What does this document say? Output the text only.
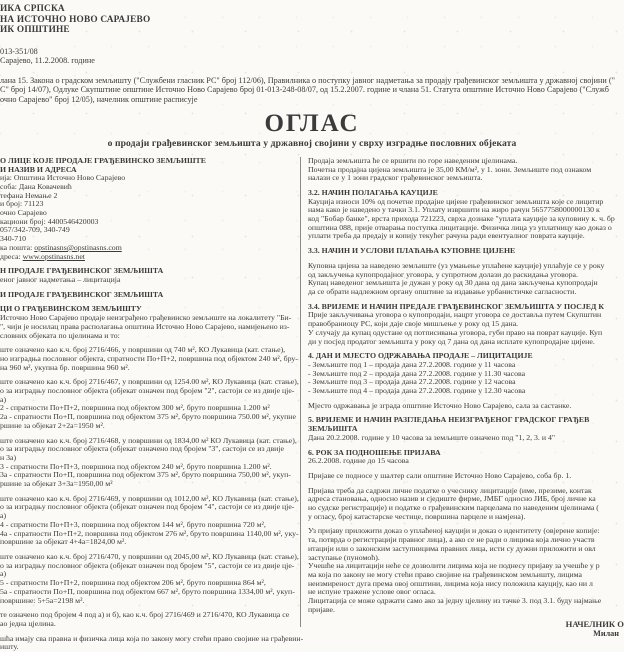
ИКА СРПСКА
НА ИСТОЧНО НОВО САРАЈЕВО
ИК ОПШТИНЕ
013-351/08
Сарајево, 11.2.2008. године
лана 15. Закона о градском земљишту ("Службени гласник РС" број 112/06), Правилника о поступку јавног надметања за продају грађевинског земљишта у државној својини ("
С" број 14/07), Одлуке Скупштине општине Источно Ново Сарајево број 01-013-248-08/07, од 15.2.2007. године и члана 51. Статута општине Источно Ново Сарајево ("Служб
очно Сарајево" број 12/05), начелник општине расписује
ОГЛАС
о продаји грађевинског земљишта у државној својини у сврху изградње пословних објеката
О ЛИЦЕ КОЈЕ ПРОДАЈЕ ГРАЂЕВИНСКО ЗЕМЉИШТЕ
И НАЗИВ И АДРЕСА
ија: Општина Источно Ново Сарајево
соба: Дана Ковачевић
тефана Немање 2
и број: 71123
очно Сарајево
кациони број: 4400546420003
057/342-709, 340-749
340-710
ка пошта: opstinasns@opstinasns.com
дреса: www.opstinasns.net
Н ПРОДАЈЕ ГРАЂЕВИНСКОГ ЗЕМЉИШТА
еног јавног надметања – лицитација
И ПРОДАЈЕ ГРАЂЕВИНСКОГ ЗЕМЉИШТА
ЦИ О ГРАЂЕВИНСКОМ ЗЕМЉИШТУ
Источно Ново Сарајево продаје неизграђено грађевинско земљиште на локалитету "Би-
", чији је носилац права располагања општина Источно Ново Сарајево, намијењено из-
словних објеката по цјелинама и то:
ште означено као к.ч. број 2716/466, у површини од 740 м², КО Лукавица (кат. стање),
но изградња пословног објекта, спратности По+П+2, површина под објектом 240 м², бру-
на 960 м², укупна бр. површина 960 м².
ште означено као к.ч. број 2716/467, у површини од 1254.00 м², КО Лукавица (кат. стање),
о за изградњу пословног објекта (објекат означен под бројем "2", састоји се из двије цје-
а)
2 - спратности По+П+2, површина под објектом 300 м², бруто површина 1.200 м²
2а - спратности По+П, површина под објектом 375 м², бруто површина 750.00 м², укупне
ршине за објекат 2+2а=1950 м².
ште означено као к.ч. број 2716/468, у површини од 1834,00 м² КО Лукавица (кат. стање),
о за изградњу пословног објекта (објекат означено под бројем "3", састоји се из двије
н 3а)
3 - спратности По+П+3, површина под објектом 240 м², бруто површина 1.200 м².
3а - спратности По+П, површина под објектом 375 м², бруто површина 750,00 м², укуп-
ршине за објекат 3+3а=1950,00 м²
ште означено као к.ч. број 2716/469, у површини од 1012,00 м², КО Лукавица (кат. стање),
о за изградњу пословног објекта (објекат означен под бројем "4", састоји се из двије цје-
а)
4 - спратности По+П+3, површина под објектом 144 м², бруто површина 720 м²,
4а - спратности По+П+2, површина под објектом 276 м², бруто површина 1140,00 м², уку-
површине за објекат 4+4а=1824,00 м².
ште означено као к.ч. број 2716/470, у површини од 2045,00 м², КО Лукавица (кат. стање),
о за изградњу пословног објекта (објекат означен под бројем "5", састоји се из двије цје-
а)
5 - спратности По+П+2, површина под објектом 206 м², бруто површина 864 м²,
5а - спратности По+П, површина под објектом 667 м², бруто површина 1334,00 м², укуп-
површине: 5+5а=2198 м².
те означено под бројем 4 под а) и б), као к.ч. број 2716/469 и 2716/470, КО Лукавица се
ао једна цјелина.
шћа имају сва правна и физичка лица која по закону могу стећи право својине на грађевин-
ишту.
Продаја земљишта ће се вршити по горе наведеним цјелинама.
Почетна продајна цијена земљишта је 35,00 КМ/м², у 1. зони. Земљиште под ознаком
налази се у 1 зони градског грађевинског земљишта.
3.2. НАЧИН ПОЛАГАЊА КАУЦИЈЕ
Кауција износи 10% од почетне продајне цијене грађевинског земљишта које се лицитир
нама како је наведено у тачки 3.1. Уплату извршити на жиро рачун 5657758000000130 к
код "Бобар банке", врста прихода 721223, сврха дознаке "уплата кауције за куповину к. ч. бр
општина 088, прије отварања поступка лицитације. Физичка лица уз уплатницу као доказ о
уплати треба да предају и копију текућег рачуна ради евентуалног поврата кауције.
3.3. НАЧИН И УСЛОВИ ПЛАЋАЊА КУПОВНЕ ЦИЈЕНЕ
Куповна цијена за наведено земљиште (уз умањење уплаћене кауције) уплаћује се у року
од закључења купопродајног уговора, у супротном долази до раскидања уговора.
Купац наведеног земљишта је дужан у року од 30 дана од дана закључења купопродајн
да се обрати надлежном органу општине за издавање урбанистичке сагласности.
3.4. ВРИЈЕМЕ И НАЧИН ПРЕДАЈЕ ГРАЂЕВИНСКОГ ЗЕМЉИШТА У ПОСЈЕД К
Прије закључивања уговора о купопродаји, нацрт уговора се доставља путем Скупштин
правобраниоцу РС, који даје своје мишљење у року од 15 дана.
У случају да купац одустане од потписивања уговора, губи право на поврат кауције. Куп
ди у посјед продатог земљишта у року од 7 дана од дана исплате купопродајне цијене.
4. ДАН И МЈЕСТО ОДРЖАВАЊА ПРОДАЈЕ – ЛИЦИТАЦИЈЕ
- Земљиште под 1 – продаја дана 27.2.2008. године у 11 часова
- Земљиште под 2 – продаја дана 27.2.2008. године у 11.30 часова
- Земљиште под 3 – продаја дана 27.2.2008. године у 12 часова
- Земљиште под 4 – продаја дана 27.2.2008. године у 12.30 часова
Мјесто одржавања је зграда општине Источно Ново Сарајево, сала за састанке.
5. ВРИЈЕМЕ И НАЧИН РАЗГЛЕДАЊА НЕИЗГРАЂЕНОГ ГРАДСКОГ ГРАЂЕВ
ЗЕМЉИШТА
Дана 20.2.2008. године у 10 часова за земљиште означено под "1, 2, 3. и 4"
6. РОК ЗА ПОДНОШЕЊЕ ПРИЈАВА
26.2.2008. године до 15 часова
Пријаве се подносе у шалтер сали општине Источно Ново Сарајево, соба бр. 1.
Пријава треба да садржи личне податке о учеснику лицитације (име, презиме, контак
адреса становања, односно назив и сједиште фирме, ЈМБГ односно ЈИБ, број личне ка
но судске регистрације) и податке о грађевинским парцелама по наведеним цјелинама (
у огласу, број катастарске честице, површина парцеле и намјена).
Уз пријаву приложити доказ о уплаћеној кауцији и доказ о идентитету (овјерене копије:
та, потврда о регистрацији правног лица), а ако се не ради о лицима која лично участв
итацији или о законским заступницима правних лица, исти су дужни приложити и овл
заступање (пуномоћ).
Учешће на лицитацији неће се дозволити лицима која не поднесу пријаву за учешће у р
ма која по закону не могу стећи право својине на грађевинском земљишту, лицима
неизмиреност дуга према овој општини, лицима која нису положила кауцију, као ни л
не испуне тражене услове овог огласа.
Лицитација се може одржати само ако за једну цјелину из тачке 3. под 3.1. буду најмање
пријаве.
НАЧЕЛНИК О
Милан
